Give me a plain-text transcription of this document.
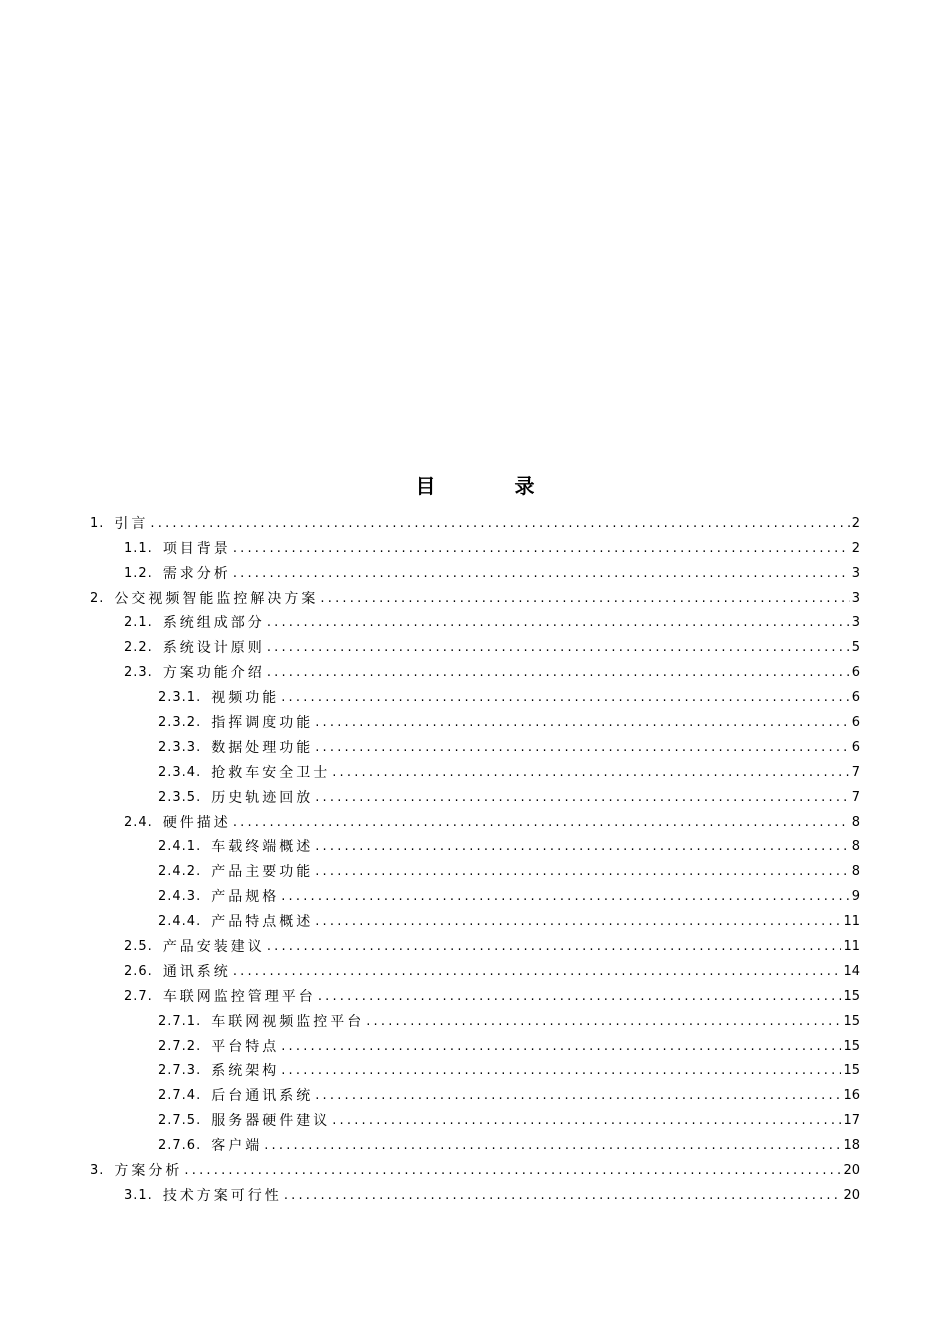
目 录
1. 引言 .....	2
1.1. 项目背景 .....	2
1.2. 需求分析 .....	3
2. 公交视频智能监控解决方案 .....	3
2.1. 系统组成部分 .....	3
2.2. 系统设计原则 .....	5
2.3. 方案功能介绍 .....	6
2.3.1. 视频功能 .....	6
2.3.2. 指挥调度功能 .....	6
2.3.3. 数据处理功能 .....	6
2.3.4. 抢救车安全卫士 .....	7
2.3.5. 历史轨迹回放 .....	7
2.4. 硬件描述 .....	8
2.4.1. 车载终端概述 .....	8
2.4.2. 产品主要功能 .....	8
2.4.3. 产品规格 .....	9
2.4.4. 产品特点概述 .....	11
2.5. 产品安装建议 .....	11
2.6. 通讯系统 .....	14
2.7. 车联网监控管理平台 .....	15
2.7.1. 车联网视频监控平台 .....	15
2.7.2. 平台特点 .....	15
2.7.3. 系统架构 .....	15
2.7.4. 后台通讯系统 .....	16
2.7.5. 服务器硬件建议 .....	17
2.7.6. 客户端 .....	18
3. 方案分析 .....	20
3.1. 技术方案可行性 .....	20
